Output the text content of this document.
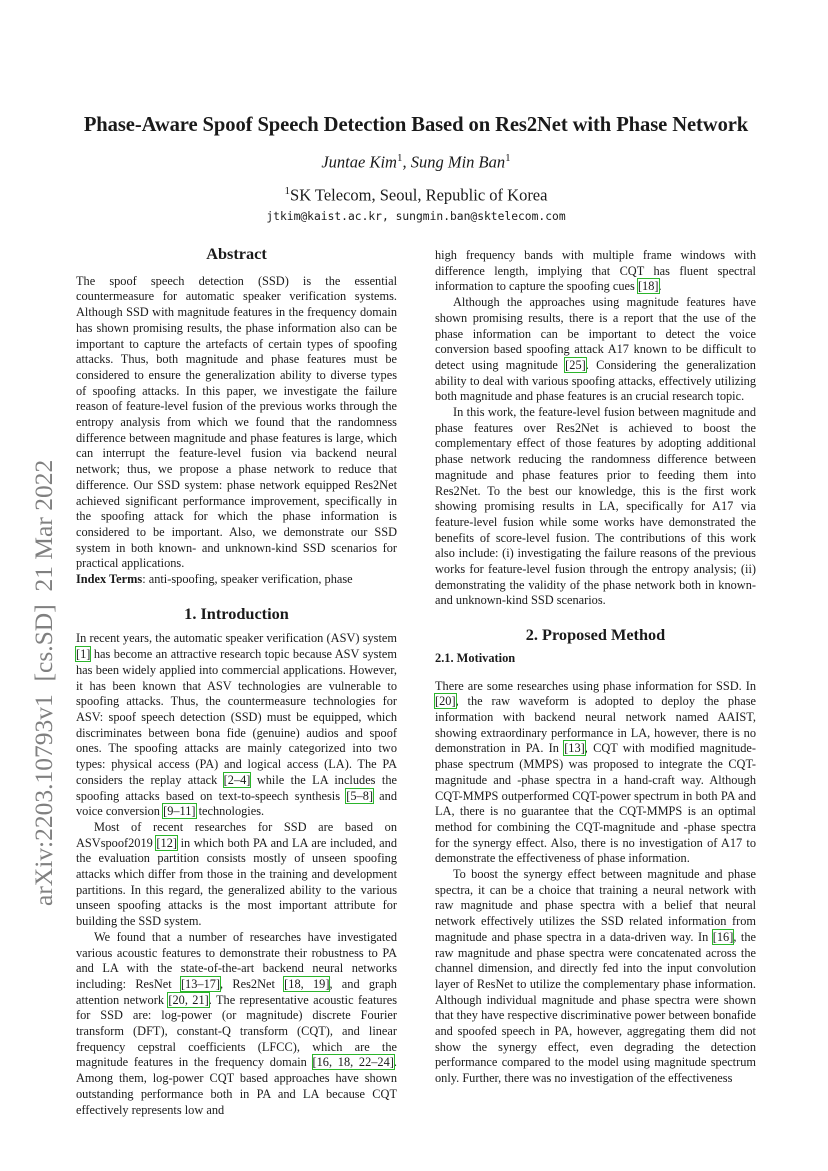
arXiv:2203.10793v1  [cs.SD]  21 Mar 2022
Phase-Aware Spoof Speech Detection Based on Res2Net with Phase Network
Juntae Kim$^1$, Sung Min Ban$^1$
$^1$SK Telecom, Seoul, Republic of Korea
jtkim@kaist.ac.kr, sungmin.ban@sktelecom.com
Abstract

The spoof speech detection (SSD) is the essential countermeasure for automatic speaker verification systems. Although SSD with magnitude features in the frequency domain has shown promising results, the phase information also can be important to capture the artefacts of certain types of spoofing attacks. Thus, both magnitude and phase features must be considered to ensure the generalization ability to diverse types of spoofing attacks. In this paper, we investigate the failure reason of feature-level fusion of the previous works through the entropy analysis from which we found that the randomness difference between magnitude and phase features is large, which can interrupt the feature-level fusion via backend neural network; thus, we propose a phase network to reduce that difference. Our SSD system: phase network equipped Res2Net achieved significant performance improvement, specifically in the spoofing attack for which the phase information is considered to be important. Also, we demonstrate our SSD system in both known- and unknown-kind SSD scenarios for practical applications.

Index Terms: anti-spoofing, speaker verification, phase

1. Introduction

In recent years, the automatic speaker verification (ASV) system [1] has become an attractive research topic because ASV system has been widely applied into commercial applications. However, it has been known that ASV technologies are vulnerable to spoofing attacks. Thus, the countermeasure technologies for ASV: spoof speech detection (SSD) must be equipped, which discriminates between bona fide (genuine) audios and spoof ones. The spoofing attacks are mainly categorized into two types: physical access (PA) and logical access (LA). The PA considers the replay attack [2–4] while the LA includes the spoofing attacks based on text-to-speech synthesis [5–8] and voice conversion [9–11] technologies.

Most of recent researches for SSD are based on ASVspoof2019 [12] in which both PA and LA are included, and the evaluation partition consists mostly of unseen spoofing attacks which differ from those in the training and development partitions. In this regard, the generalized ability to the various unseen spoofing attacks is the most important attribute for building the SSD system.

We found that a number of researches have investigated various acoustic features to demonstrate their robustness to PA and LA with the state-of-the-art backend neural networks including: ResNet [13–17], Res2Net [18, 19], and graph attention network [20, 21]. The representative acoustic features for SSD are: log-power (or magnitude) discrete Fourier transform (DFT), constant-Q transform (CQT), and linear frequency cepstral coefficients (LFCC), which are the magnitude features in the frequency domain [16, 18, 22–24]. Among them, log-power CQT based approaches have shown outstanding performance both in PA and LA because CQT effectively represents low and

high frequency bands with multiple frame windows with difference length, implying that CQT has fluent spectral information to capture the spoofing cues [18].

Although the approaches using magnitude features have shown promising results, there is a report that the use of the phase information can be important to detect the voice conversion based spoofing attack A17 known to be difficult to detect using magnitude [25]. Considering the generalization ability to deal with various spoofing attacks, effectively utilizing both magnitude and phase features is an crucial research topic.

In this work, the feature-level fusion between magnitude and phase features over Res2Net is achieved to boost the complementary effect of those features by adopting additional phase network reducing the randomness difference between magnitude and phase features prior to feeding them into Res2Net. To the best our knowledge, this is the first work showing promising results in LA, specifically for A17 via feature-level fusion while some works have demonstrated the benefits of score-level fusion. The contributions of this work also include: (i) investigating the failure reasons of the previous works for feature-level fusion through the entropy analysis; (ii) demonstrating the validity of the phase network both in known- and unknown-kind SSD scenarios.

2. Proposed Method
2.1. Motivation

There are some researches using phase information for SSD. In [20], the raw waveform is adopted to deploy the phase information with backend neural network named AAIST, showing extraordinary performance in LA, however, there is no demonstration in PA. In [13], CQT with modified magnitude-phase spectrum (MMPS) was proposed to integrate the CQT-magnitude and -phase spectra in a hand-craft way. Although CQT-MMPS outperformed CQT-power spectrum in both PA and LA, there is no guarantee that the CQT-MMPS is an optimal method for combining the CQT-magnitude and -phase spectra for the synergy effect. Also, there is no investigation of A17 to demonstrate the effectiveness of phase information.

To boost the synergy effect between magnitude and phase spectra, it can be a choice that training a neural network with raw magnitude and phase spectra with a belief that neural network effectively utilizes the SSD related information from magnitude and phase spectra in a data-driven way. In [16], the raw magnitude and phase spectra were concatenated across the channel dimension, and directly fed into the input convolution layer of ResNet to utilize the complementary phase information. Although individual magnitude and phase spectra were shown that they have respective discriminative power between bonafide and spoofed speech in PA, however, aggregating them did not show the synergy effect, even degrading the detection performance compared to the model using magnitude spectrum only. Further, there was no investigation of the effectiveness
